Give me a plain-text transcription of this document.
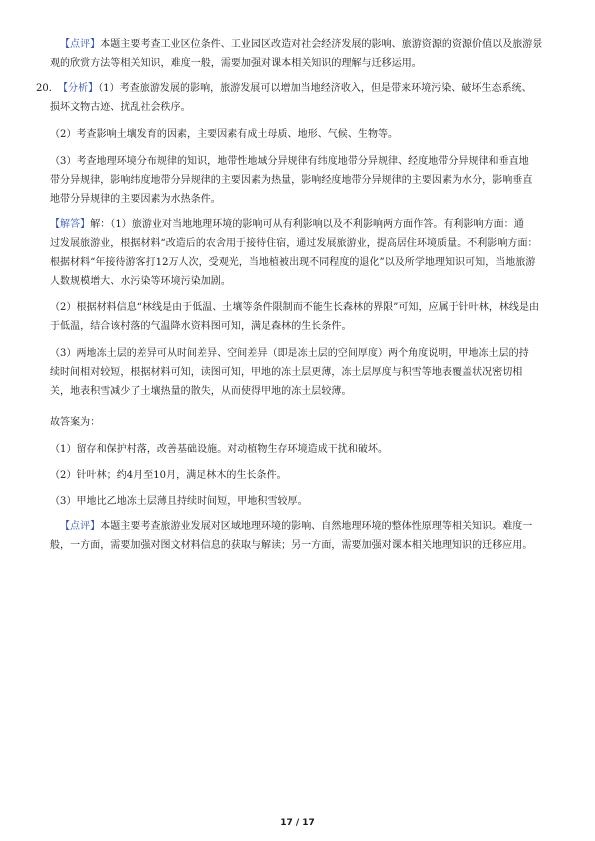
【点评】本题主要考查工业区位条件、工业园区改造对社会经济发展的影响、旅游资源的资源价值以及旅游景
观的欣赏方法等相关知识，难度一般，需要加强对课本相关知识的理解与迁移运用。
20. 【分析】（1）考查旅游发展的影响，旅游发展可以增加当地经济收入，但是带来环境污染、破坏生态系统、
损坏文物古迹、扰乱社会秩序。
（2）考查影响土壤发育的因素，主要因素有成土母质、地形、气候、生物等。
（3）考查地理环境分布规律的知识，地带性地域分异规律有纬度地带分异规律、经度地带分异规律和垂直地
带分异规律，影响纬度地带分异规律的主要因素为热量，影响经度地带分异规律的主要因素为水分，影响垂直
地带分异规律的主要因素为水热条件。
【解答】解：（1）旅游业对当地地理环境的影响可从有利影响以及不利影响两方面作答。有利影响方面：通
过发展旅游业，根据材料“改造后的农舍用于接待住宿，通过发展旅游业，提高居住环境质量。不利影响方面：
根据材料“年接待游客打12万人次，受观光，当地植被出现不同程度的退化”以及所学地理知识可知，当地旅游
人数规模增大、水污染等环境污染加剧。
（2）根据材料信息“林线是由于低温、土壤等条件限制而不能生长森林的界限”可知，应属于针叶林，林线是由
于低温，结合该村落的气温降水资料图可知，满足森林的生长条件。
（3）两地冻土层的差异可从时间差异、空间差异（即是冻土层的空间厚度）两个角度说明，甲地冻土层的持
续时间相对较短，根据材料可知，读图可知，甲地的冻土层更薄，冻土层厚度与积雪等地表覆盖状况密切相
关，地表积雪减少了土壤热量的散失，从而使得甲地的冻土层较薄。
故答案为：
（1）留存和保护村落，改善基础设施。对动植物生存环境造成干扰和破坏。
（2）针叶林；约4月至10月，满足林木的生长条件。
（3）甲地比乙地冻土层薄且持续时间短，甲地积雪较厚。
【点评】本题主要考查旅游业发展对区域地理环境的影响、自然地理环境的整体性原理等相关知识。难度一
般，一方面，需要加强对图文材料信息的获取与解读；另一方面，需要加强对课本相关地理知识的迁移应用。
17 / 17
